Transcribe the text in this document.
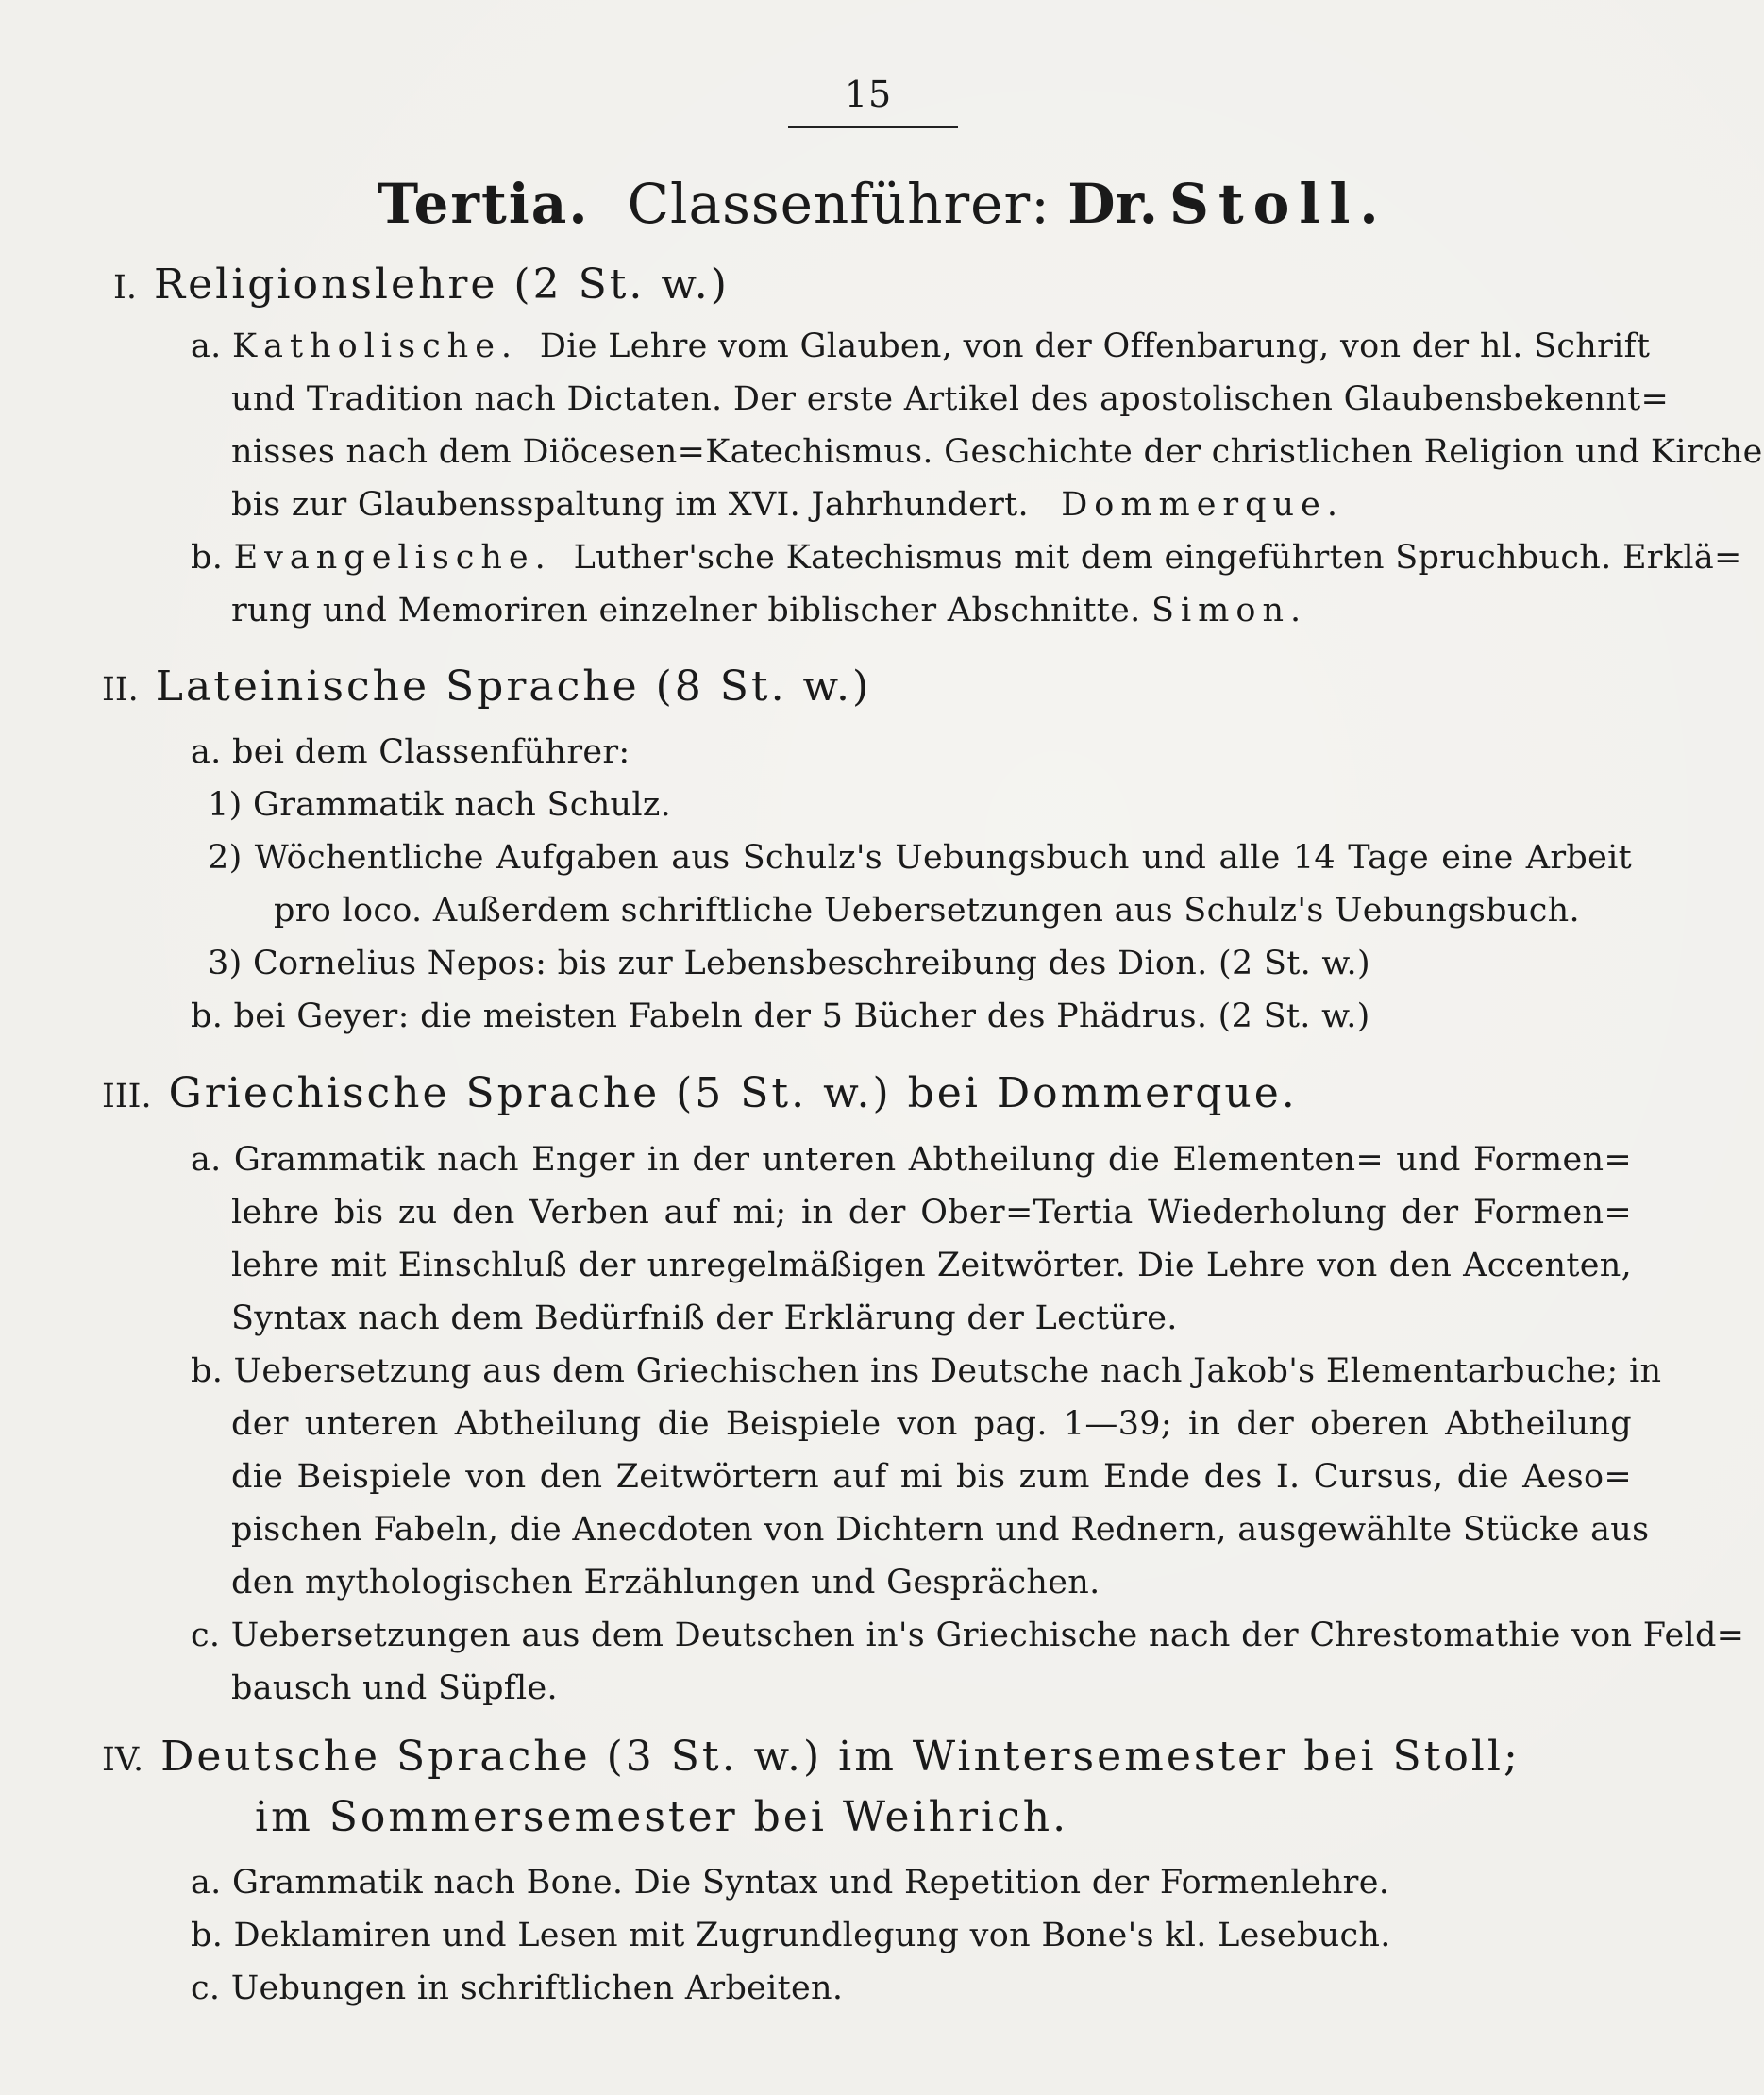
15
Tertia. Classenführer: Dr. Stoll.
I. Religionslehre (2 St. w.)
a. Katholische. Die Lehre vom Glauben, von der Offenbarung, von der hl. Schrift
und Tradition nach Dictaten. Der erste Artikel des apostolischen Glaubensbekennt=
nisses nach dem Diöcesen=Katechismus. Geschichte der christlichen Religion und Kirche
bis zur Glaubensspaltung im XVI. Jahrhundert. Dommerque.
b. Evangelische. Luther'sche Katechismus mit dem eingeführten Spruchbuch. Erklä=
rung und Memoriren einzelner biblischer Abschnitte. Simon.
II. Lateinische Sprache (8 St. w.)
a. bei dem Classenführer:
1) Grammatik nach Schulz.
2) Wöchentliche Aufgaben aus Schulz's Uebungsbuch und alle 14 Tage eine Arbeit
pro loco. Außerdem schriftliche Uebersetzungen aus Schulz's Uebungsbuch.
3) Cornelius Nepos: bis zur Lebensbeschreibung des Dion. (2 St. w.)
b. bei Geyer: die meisten Fabeln der 5 Bücher des Phädrus. (2 St. w.)
III. Griechische Sprache (5 St. w.) bei Dommerque.
a. Grammatik nach Enger in der unteren Abtheilung die Elementen= und Formen=
lehre bis zu den Verben auf mi; in der Ober=Tertia Wiederholung der Formen=
lehre mit Einschluß der unregelmäßigen Zeitwörter. Die Lehre von den Accenten,
Syntax nach dem Bedürfniß der Erklärung der Lectüre.
b. Uebersetzung aus dem Griechischen ins Deutsche nach Jakob's Elementarbuche; in
der unteren Abtheilung die Beispiele von pag. 1—39; in der oberen Abtheilung
die Beispiele von den Zeitwörtern auf mi bis zum Ende des I. Cursus, die Aeso=
pischen Fabeln, die Anecdoten von Dichtern und Rednern, ausgewählte Stücke aus
den mythologischen Erzählungen und Gesprächen.
c. Uebersetzungen aus dem Deutschen in's Griechische nach der Chrestomathie von Feld=
bausch und Süpfle.
IV. Deutsche Sprache (3 St. w.) im Wintersemester bei Stoll;
im Sommersemester bei Weihrich.
a. Grammatik nach Bone. Die Syntax und Repetition der Formenlehre.
b. Deklamiren und Lesen mit Zugrundlegung von Bone's kl. Lesebuch.
c. Uebungen in schriftlichen Arbeiten.
